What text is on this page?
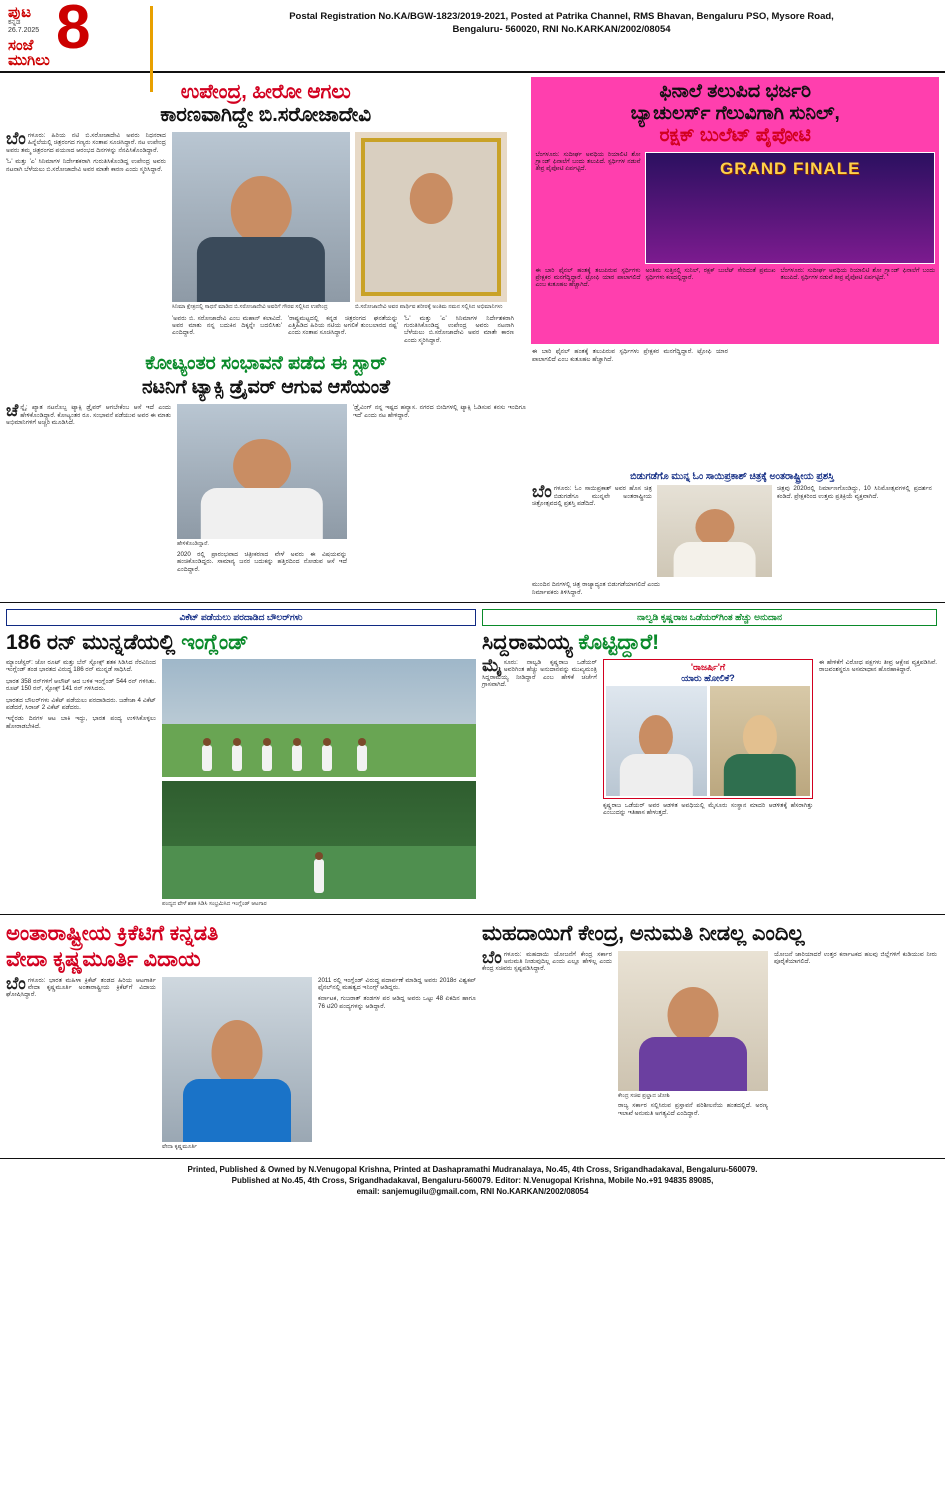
ಪುಟ
ಕನ್ನಡ
26.7.2025 8
ಸಂಜೆ
ಮುಗಿಲು
Postal Registration No.KA/BGW-1823/2019-2021, Posted at Patrika Channel, RMS Bhavan, Bengaluru PSO, Mysore Road,
Bengaluru- 560020, RNI No.KARKAN/2002/08054
ಉಪೇಂದ್ರ, ಹೀರೋ ಆಗಲು
ಕಾರಣವಾಗಿದ್ದೇ ಬಿ.ಸರೋಜಾದೇವಿ

ಬೆಂಗಳೂರು: ಹಿರಿಯ ನಟಿ ಬಿ.ಸರೋಜಾದೇವಿ ಅವರು ನಿಧನರಾದ ಹಿನ್ನೆಲೆಯಲ್ಲಿ ಚಿತ್ರರಂಗದ ಗಣ್ಯರು ಸಂತಾಪ ಸೂಚಿಸಿದ್ದಾರೆ. ನಟ ಉಪೇಂದ್ರ ಅವರು ತಮ್ಮ ಚಿತ್ರರಂಗದ ಪಯಣದ ಆರಂಭದ ದಿನಗಳನ್ನು ನೆನಪಿಸಿಕೊಂಡಿದ್ದಾರೆ.

'ಓ' ಮತ್ತು 'ಎ' ಸಿನಿಮಾಗಳ ನಿರ್ದೇಶಕರಾಗಿ ಗುರುತಿಸಿಕೊಂಡಿದ್ದ ಉಪೇಂದ್ರ ಅವರು ನಟನಾಗಿ ಬೆಳೆಯಲು ಬಿ.ಸರೋಜಾದೇವಿ ಅವರ ಮಾತೇ ಕಾರಣ ಎಂದು ಸ್ಮರಿಸಿದ್ದಾರೆ.

ಸಿನಿಮಾ ಕ್ಷೇತ್ರದಲ್ಲಿ ಸಾಧನೆ ಮಾಡಿದ ಬಿ.ಸರೋಜಾದೇವಿ ಅವರಿಗೆ ಗೌರವ ಸಲ್ಲಿಸಿದ ಉಪೇಂದ್ರ	ಬಿ.ಸರೋಜಾದೇವಿ ಅವರ ಪಾರ್ಥಿವ ಶರೀರಕ್ಕೆ ಅಂತಿಮ ನಮನ ಸಲ್ಲಿಸಿದ ಅಭಿಮಾನಿಗಳು
'ಅವರು ಬಿ. ಸರೋಜಾದೇವಿ ಎಂಬ ಮಹಾನ್ ಕಲಾವಿದೆ. ಅವರ ಮಾತು ನನ್ನ ಬದುಕಿನ ದಿಕ್ಕನ್ನೇ ಬದಲಿಸಿತು' ಎಂದಿದ್ದಾರೆ.
'ರಾಷ್ಟ್ರಮಟ್ಟದಲ್ಲಿ ಕನ್ನಡ ಚಿತ್ರರಂಗದ ಘನತೆಯನ್ನು ಎತ್ತಿಹಿಡಿದ ಹಿರಿಯ ನಟಿಯ ಅಗಲಿಕೆ ತುಂಬಲಾರದ ನಷ್ಟ' ಎಂದು ಸಂತಾಪ ಸೂಚಿಸಿದ್ದಾರೆ.
'ಓ' ಮತ್ತು 'ಎ' ಸಿನಿಮಾಗಳ ನಿರ್ದೇಶಕರಾಗಿ ಗುರುತಿಸಿಕೊಂಡಿದ್ದ ಉಪೇಂದ್ರ ಅವರು ನಟನಾಗಿ ಬೆಳೆಯಲು ಬಿ.ಸರೋಜಾದೇವಿ ಅವರ ಮಾತೇ ಕಾರಣ ಎಂದು ಸ್ಮರಿಸಿದ್ದಾರೆ.
ಫಿನಾಲೆ ತಲುಪಿದ ಭರ್ಜರಿ
ಬ್ಯಾಚುಲರ್ಸ್ ಗೆಲುವಿಗಾಗಿ ಸುನಿಲ್,
ರಕ್ಷಕ್ ಬುಲೆಟ್ ಪೈಪೋಟಿ
ಬೆಂಗಳೂರು: ಸುದೀರ್ಘ ಅವಧಿಯ ರಿಯಾಲಿಟಿ ಶೋ ಗ್ರ್ಯಾಂಡ್ ಫಿನಾಲೆಗೆ ಬಂದು ತಲುಪಿದೆ. ಸ್ಪರ್ಧಿಗಳ ನಡುವೆ ತೀವ್ರ ಪೈಪೋಟಿ ಏರ್ಪಟ್ಟಿದೆ.	GRAND FINALE
ಈ ಬಾರಿ ಫೈನಲ್ ಹಂತಕ್ಕೆ ತಲುಪಿರುವ ಸ್ಪರ್ಧಿಗಳು ಪ್ರೇಕ್ಷಕರ ಮನಗೆದ್ದಿದ್ದಾರೆ. ಟ್ರೋಫಿ ಯಾರ ಪಾಲಾಗಲಿದೆ ಎಂಬ ಕುತೂಹಲ ಹೆಚ್ಚಾಗಿದೆ.
ಅಂತಿಮ ಸುತ್ತಿನಲ್ಲಿ ಸುನಿಲ್, ರಕ್ಷಕ್ ಬುಲೆಟ್ ಸೇರಿದಂತೆ ಪ್ರಮುಖ ಸ್ಪರ್ಧಿಗಳು ಕಣದಲ್ಲಿದ್ದಾರೆ.
ಬೆಂಗಳೂರು: ಸುದೀರ್ಘ ಅವಧಿಯ ರಿಯಾಲಿಟಿ ಶೋ ಗ್ರ್ಯಾಂಡ್ ಫಿನಾಲೆಗೆ ಬಂದು ತಲುಪಿದೆ. ಸ್ಪರ್ಧಿಗಳ ನಡುವೆ ತೀವ್ರ ಪೈಪೋಟಿ ಏರ್ಪಟ್ಟಿದೆ.
ಕೋಟ್ಯಂತರ ಸಂಭಾವನೆ ಪಡೆದ ಈ ಸ್ಟಾರ್
ನಟನಿಗೆ ಟ್ಯಾಕ್ಸಿ ಡ್ರೈವರ್ ಆಗುವ ಆಸೆಯಂತೆ
ಚೆನ್ನೈ: ಖ್ಯಾತ ನಟನೊಬ್ಬ ಟ್ಯಾಕ್ಸಿ ಡ್ರೈವರ್ ಆಗಬೇಕೆಂಬ ಆಸೆ ಇದೆ ಎಂದು ಹೇಳಿಕೊಂಡಿದ್ದಾರೆ. ಕೋಟ್ಯಂತರ ರೂ. ಸಂಭಾವನೆ ಪಡೆಯುವ ಅವರ ಈ ಮಾತು ಅಭಿಮಾನಿಗಳಿಗೆ ಅಚ್ಚರಿ ಮೂಡಿಸಿದೆ.
ಹೇಳಿಕೊಂಡಿದ್ದಾರೆ.
2020 ರಲ್ಲಿ ಪ್ರಾರಂಭವಾದ ಚಿತ್ರೀಕರಣದ ವೇಳೆ ಅವರು ಈ ವಿಷಯವನ್ನು ಹಂಚಿಕೊಂಡಿದ್ದರು. ಸಾಮಾನ್ಯ ಜನರ ಬದುಕನ್ನು ಹತ್ತಿರದಿಂದ ನೋಡುವ ಆಸೆ ಇದೆ ಎಂದಿದ್ದಾರೆ.
'ಡ್ರೈವಿಂಗ್ ನನ್ನ ಇಷ್ಟದ ಹವ್ಯಾಸ. ನಗರದ ಬೀದಿಗಳಲ್ಲಿ ಟ್ಯಾಕ್ಸಿ ಓಡಿಸುವ ಕನಸು ಇಂದಿಗೂ ಇದೆ' ಎಂದು ನಟ ಹೇಳಿದ್ದಾರೆ.
ಈ ಬಾರಿ ಫೈನಲ್ ಹಂತಕ್ಕೆ ತಲುಪಿರುವ ಸ್ಪರ್ಧಿಗಳು ಪ್ರೇಕ್ಷಕರ ಮನಗೆದ್ದಿದ್ದಾರೆ. ಟ್ರೋಫಿ ಯಾರ ಪಾಲಾಗಲಿದೆ ಎಂಬ ಕುತೂಹಲ ಹೆಚ್ಚಾಗಿದೆ.
ಬಿಡುಗಡೆಗೊ ಮುನ್ನ ಓಂ ಸಾಯಿಪ್ರಕಾಶ್ ಚಿತ್ರಕ್ಕೆ ಅಂತರಾಷ್ಟ್ರೀಯ ಪ್ರಶಸ್ತಿ
ಬೆಂಗಳೂರು: ಓಂ ಸಾಯಿಪ್ರಕಾಶ್ ಅವರ ಹೊಸ ಚಿತ್ರ ಬಿಡುಗಡೆಗೂ ಮುನ್ನವೇ ಅಂತರಾಷ್ಟ್ರೀಯ ಚಿತ್ರೋತ್ಸವದಲ್ಲಿ ಪ್ರಶಸ್ತಿ ಪಡೆದಿದೆ.
ಚಿತ್ರವು 2020ರಲ್ಲಿ ನಿರ್ಮಾಣಗೊಂಡಿದ್ದು, 10 ಸಿನಿಮೋತ್ಸವಗಳಲ್ಲಿ ಪ್ರದರ್ಶನ ಕಂಡಿದೆ. ಪ್ರೇಕ್ಷಕರಿಂದ ಉತ್ತಮ ಪ್ರತಿಕ್ರಿಯೆ ವ್ಯಕ್ತವಾಗಿದೆ.
ಮುಂದಿನ ದಿನಗಳಲ್ಲಿ ಚಿತ್ರ ರಾಜ್ಯಾದ್ಯಂತ ಬಿಡುಗಡೆಯಾಗಲಿದೆ ಎಂದು ನಿರ್ಮಾಪಕರು ತಿಳಿಸಿದ್ದಾರೆ.
ವಿಕೆಟ್ ಪಡೆಯಲು ಪರದಾಡಿದ ಬೌಲರ್‌ಗಳು
186 ರನ್ ಮುನ್ನಡೆಯಲ್ಲಿ ಇಂಗ್ಲೆಂಡ್

ಮ್ಯಾಂಚೆಸ್ಟರ್: ಜೋ ರೂಟ್ ಮತ್ತು ಬೆನ್ ಸ್ಟೋಕ್ಸ್ ಶತಕ ಸಿಡಿಸಿದ ನೆರವಿನಿಂದ ಇಂಗ್ಲೆಂಡ್ ತಂಡ ಭಾರತದ ವಿರುದ್ಧ 186 ರನ್ ಮುನ್ನಡೆ ಸಾಧಿಸಿದೆ.

ಭಾರತ 358 ರನ್‌ಗಳಿಗೆ ಆಲೌಟ್ ಆದ ಬಳಿಕ ಇಂಗ್ಲೆಂಡ್ 544 ರನ್ ಗಳಿಸಿತು. ರೂಟ್ 150 ರನ್, ಸ್ಟೋಕ್ಸ್ 141 ರನ್ ಗಳಿಸಿದರು.

ಭಾರತದ ಬೌಲರ್‌ಗಳು ವಿಕೆಟ್ ಪಡೆಯಲು ಪರದಾಡಿದರು. ಜಡೇಜಾ 4 ವಿಕೆಟ್ ಪಡೆದರೆ, ಸಿರಾಜ್ 2 ವಿಕೆಟ್ ಪಡೆದರು.

ಇನ್ನೆರಡು ದಿನಗಳ ಆಟ ಬಾಕಿ ಇದ್ದು, ಭಾರತ ಪಂದ್ಯ ಉಳಿಸಿಕೊಳ್ಳಲು ಹೋರಾಡಬೇಕಿದೆ.

ಪಂದ್ಯದ ವೇಳೆ ಶತಕ ಸಿಡಿಸಿ ಸಂಭ್ರಮಿಸಿದ ಇಂಗ್ಲೆಂಡ್ ಆಟಗಾರ
ನಾಲ್ವಡಿ ಕೃಷ್ಣರಾಜ ಒಡೆಯರ್‌ಗಿಂತ ಹೆಚ್ಚು ಅನುದಾನ
ಸಿದ್ದರಾಮಯ್ಯ ಕೊಟ್ಟಿದ್ದಾರೆ!
ಮೈಸೂರು: ನಾಲ್ವಡಿ ಕೃಷ್ಣರಾಜ ಒಡೆಯರ್ ಅವರಿಗಿಂತ ಹೆಚ್ಚು ಅನುದಾನವನ್ನು ಮುಖ್ಯಮಂತ್ರಿ ಸಿದ್ದರಾಮಯ್ಯ ನೀಡಿದ್ದಾರೆ ಎಂಬ ಹೇಳಿಕೆ ಚರ್ಚೆಗೆ ಗ್ರಾಸವಾಗಿದೆ.
'ರಾಜರ್ಷಿ'ಗೆ
ಯಾರು ಹೋಲಿಕೆ?
ಕೃಷ್ಣರಾಜ ಒಡೆಯರ್ ಅವರ ಆಡಳಿತ ಅವಧಿಯಲ್ಲಿ ಮೈಸೂರು ಸಂಸ್ಥಾನ ಮಾದರಿ ಆಡಳಿತಕ್ಕೆ ಹೆಸರಾಗಿತ್ತು ಎಂಬುದನ್ನು ಇತಿಹಾಸ ಹೇಳುತ್ತದೆ.
ಈ ಹೇಳಿಕೆಗೆ ವಿರೋಧ ಪಕ್ಷಗಳು ತೀವ್ರ ಆಕ್ಷೇಪ ವ್ಯಕ್ತಪಡಿಸಿವೆ. ರಾಜವಂಶಸ್ಥರೂ ಅಸಮಾಧಾನ ಹೊರಹಾಕಿದ್ದಾರೆ.
ಅಂತಾರಾಷ್ಟ್ರೀಯ ಕ್ರಿಕೆಟಿಗೆ ಕನ್ನಡತಿ
ವೇದಾ ಕೃಷ್ಣಮೂರ್ತಿ ವಿದಾಯ
ಬೆಂಗಳೂರು: ಭಾರತ ಮಹಿಳಾ ಕ್ರಿಕೆಟ್ ತಂಡದ ಹಿರಿಯ ಆಟಗಾರ್ತಿ ವೇದಾ ಕೃಷ್ಣಮೂರ್ತಿ ಅಂತಾರಾಷ್ಟ್ರೀಯ ಕ್ರಿಕೆಟ್‌ಗೆ ವಿದಾಯ ಘೋಷಿಸಿದ್ದಾರೆ.
ವೇದಾ ಕೃಷ್ಣಮೂರ್ತಿ

2011 ರಲ್ಲಿ ಇಂಗ್ಲೆಂಡ್ ವಿರುದ್ಧ ಪದಾರ್ಪಣೆ ಮಾಡಿದ್ದ ಅವರು 2018ರ ವಿಶ್ವಕಪ್ ಫೈನಲ್‌ನಲ್ಲಿ ಮಹತ್ವದ ಇನಿಂಗ್ಸ್ ಆಡಿದ್ದರು.

ಕರ್ನಾಟಕ, ಗುಜರಾತ್ ತಂಡಗಳ ಪರ ಆಡಿದ್ದ ಅವರು ಒಟ್ಟು 48 ಏಕದಿನ ಹಾಗೂ 76 ಟಿ20 ಪಂದ್ಯಗಳನ್ನು ಆಡಿದ್ದಾರೆ.

ಮಹದಾಯಿಗೆ ಕೇಂದ್ರ, ಅನುಮತಿ ನೀಡಲ್ಲ ಎಂದಿಲ್ಲ
ಬೆಂಗಳೂರು: ಮಹದಾಯಿ ಯೋಜನೆಗೆ ಕೇಂದ್ರ ಸರ್ಕಾರ ಅನುಮತಿ ನೀಡುವುದಿಲ್ಲ ಎಂದು ಎಲ್ಲೂ ಹೇಳಿಲ್ಲ ಎಂದು ಕೇಂದ್ರ ಸಚಿವರು ಸ್ಪಷ್ಟಪಡಿಸಿದ್ದಾರೆ.
ಕೇಂದ್ರ ಸಚಿವ ಪ್ರಲ್ಹಾದ ಜೋಶಿ
ರಾಜ್ಯ ಸರ್ಕಾರ ಸಲ್ಲಿಸಿರುವ ಪ್ರಸ್ತಾವನೆ ಪರಿಶೀಲನೆಯ ಹಂತದಲ್ಲಿದೆ. ಅರಣ್ಯ ಇಲಾಖೆ ಅನುಮತಿ ಅಗತ್ಯವಿದೆ ಎಂದಿದ್ದಾರೆ.
ಯೋಜನೆ ಜಾರಿಯಾದರೆ ಉತ್ತರ ಕರ್ನಾಟಕದ ಹಲವು ಜಿಲ್ಲೆಗಳಿಗೆ ಕುಡಿಯುವ ನೀರು ಪೂರೈಕೆಯಾಗಲಿದೆ.
Printed, Published & Owned by N.Venugopal Krishna, Printed at Dashapramathi Mudranalaya, No.45, 4th Cross, Srigandhadakaval, Bengaluru-560079.
Published at No.45, 4th Cross, Srigandhadakaval, Bengaluru-560079. Editor: N.Venugopal Krishna, Mobile No.+91 94835 89085,
email: sanjemugilu@gmail.com, RNI No.KARKAN/2002/08054
